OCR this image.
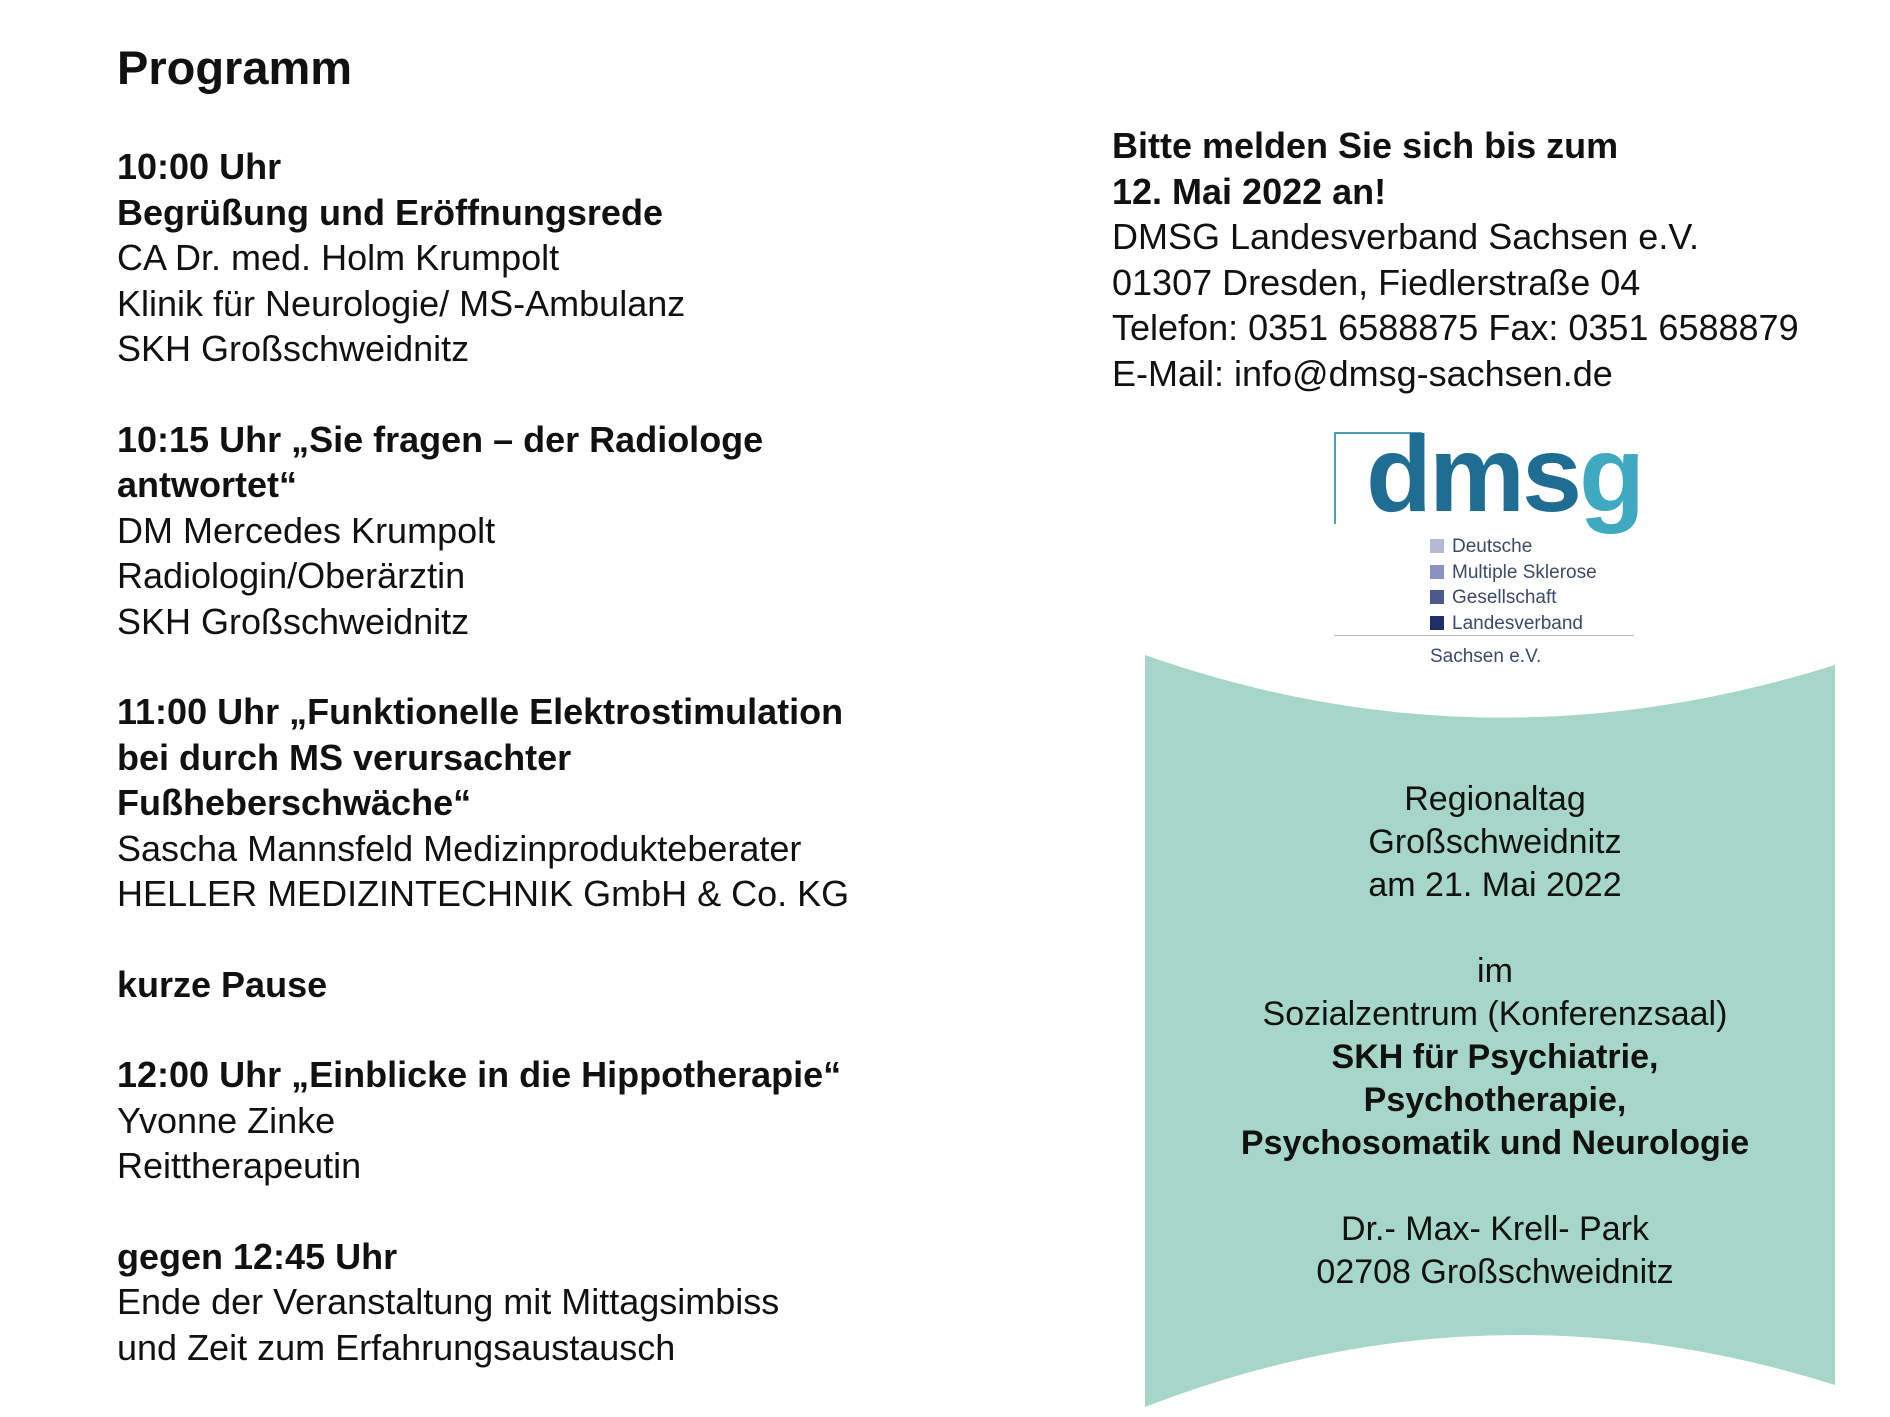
Programm
10:00 Uhr
Begrüßung und Eröffnungsrede
CA Dr. med. Holm Krumpolt
Klinik für Neurologie/ MS-Ambulanz
SKH Großschweidnitz
10:15 Uhr „Sie fragen – der Radiologe
antwortet“
DM Mercedes Krumpolt
Radiologin/Oberärztin
SKH Großschweidnitz
11:00 Uhr „Funktionelle Elektrostimulation
bei durch MS verursachter
Fußheberschwäche“
Sascha Mannsfeld Medizinprodukteberater
HELLER MEDIZINTECHNIK GmbH & Co. KG
kurze Pause
12:00 Uhr „Einblicke in die Hippotherapie“
Yvonne Zinke
Reittherapeutin
gegen 12:45 Uhr
Ende der Veranstaltung mit Mittagsimbiss
und Zeit zum Erfahrungsaustausch
Bitte melden Sie sich bis zum
12. Mai 2022 an!
DMSG Landesverband Sachsen e.V.
01307 Dresden, Fiedlerstraße 04
Telefon: 0351 6588875 Fax: 0351 6588879
E-Mail: info@dmsg-sachsen.de
dmsg
Deutsche
Multiple Sklerose
Gesellschaft
Landesverband
Sachsen e.V.
Regionaltag
Großschweidnitz
am 21. Mai 2022
im
Sozialzentrum (Konferenzsaal)
SKH für Psychiatrie,
Psychotherapie,
Psychosomatik und Neurologie
Dr.- Max- Krell- Park
02708 Großschweidnitz
